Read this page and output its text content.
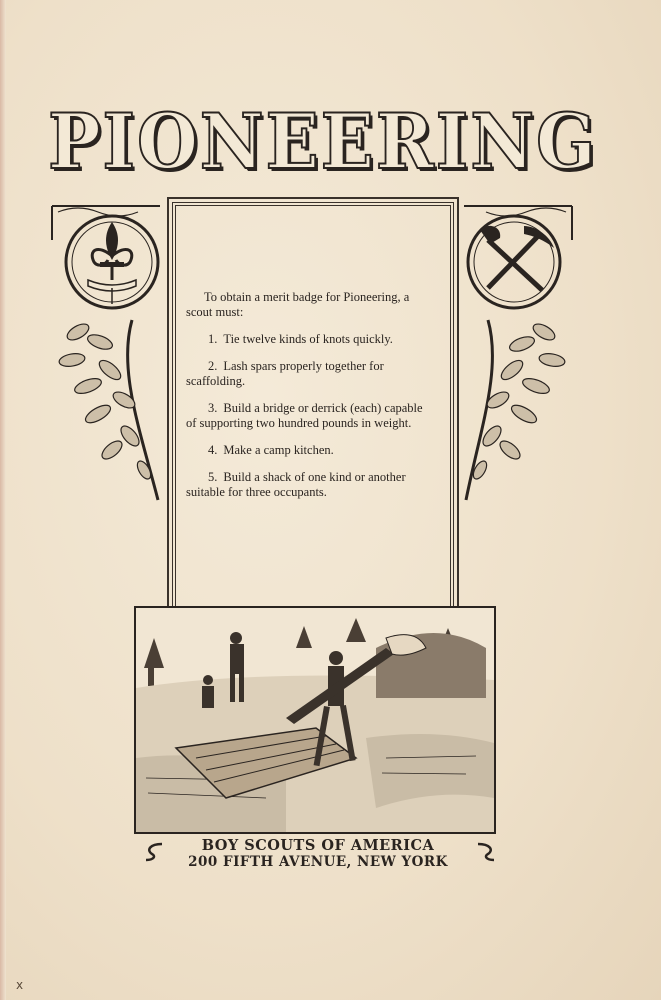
PIONEERING

To obtain a merit badge for Pioneering, a scout must:

1. Tie twelve kinds of knots quickly.

2. Lash spars properly together for scaffolding.

3. Build a bridge or derrick (each) capable of supporting two hundred pounds in weight.

4. Make a camp kitchen.

5. Build a shack of one kind or another suitable for three occupants.

BOY SCOUTS OF AMERICA
200 FIFTH AVENUE, NEW YORK
x
